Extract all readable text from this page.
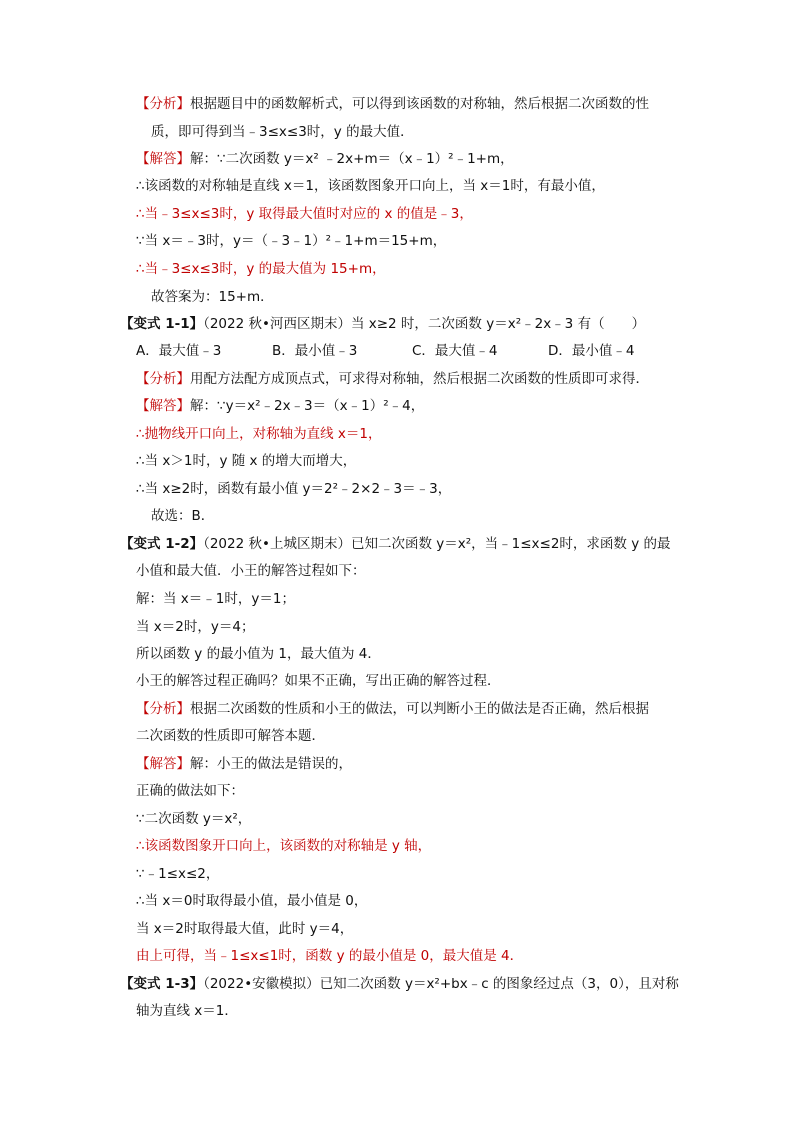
【分析】根据题目中的函数解析式，可以得到该函数的对称轴，然后根据二次函数的性
质，即可得到当﹣3≤x≤3时，y 的最大值．
【解答】解：∵二次函数 y＝x² ﹣2x+m＝（x﹣1）²﹣1+m，
∴该函数的对称轴是直线 x＝1，该函数图象开口向上，当 x＝1时，有最小值，
∴当﹣3≤x≤3时，y 取得最大值时对应的 x 的值是﹣3，
∵当 x＝﹣3时，y＝（﹣3﹣1）²﹣1+m＝15+m，
∴当﹣3≤x≤3时，y 的最大值为 15+m，
故答案为：15+m．
【变式 1-1】（2022 秋•河西区期末）当 x≥2 时，二次函数 y＝x²﹣2x﹣3 有（　　）
A．最大值﹣3	B．最小值﹣3	C．最大值﹣4	D．最小值﹣4
【分析】用配方法配方成顶点式，可求得对称轴，然后根据二次函数的性质即可求得．
【解答】解：∵y＝x²﹣2x﹣3＝（x﹣1）²﹣4，
∴抛物线开口向上，对称轴为直线 x＝1，
∴当 x＞1时，y 随 x 的增大而增大，
∴当 x≥2时，函数有最小值 y＝2²﹣2×2﹣3＝﹣3，
故选：B．
【变式 1-2】（2022 秋•上城区期末）已知二次函数 y＝x²，当﹣1≤x≤2时，求函数 y 的最
小值和最大值．小王的解答过程如下：
解：当 x＝﹣1时，y＝1；
当 x＝2时，y＝4；
所以函数 y 的最小值为 1，最大值为 4．
小王的解答过程正确吗？如果不正确，写出正确的解答过程．
【分析】根据二次函数的性质和小王的做法，可以判断小王的做法是否正确，然后根据
二次函数的性质即可解答本题．
【解答】解：小王的做法是错误的，
正确的做法如下：
∵二次函数 y＝x²，
∴该函数图象开口向上，该函数的对称轴是 y 轴，
∵﹣1≤x≤2，
∴当 x＝0时取得最小值，最小值是 0，
当 x＝2时取得最大值，此时 y＝4，
由上可得，当﹣1≤x≤1时，函数 y 的最小值是 0，最大值是 4．
【变式 1-3】（2022•安徽模拟）已知二次函数 y＝x²+bx﹣c 的图象经过点（3，0），且对称
轴为直线 x＝1．
